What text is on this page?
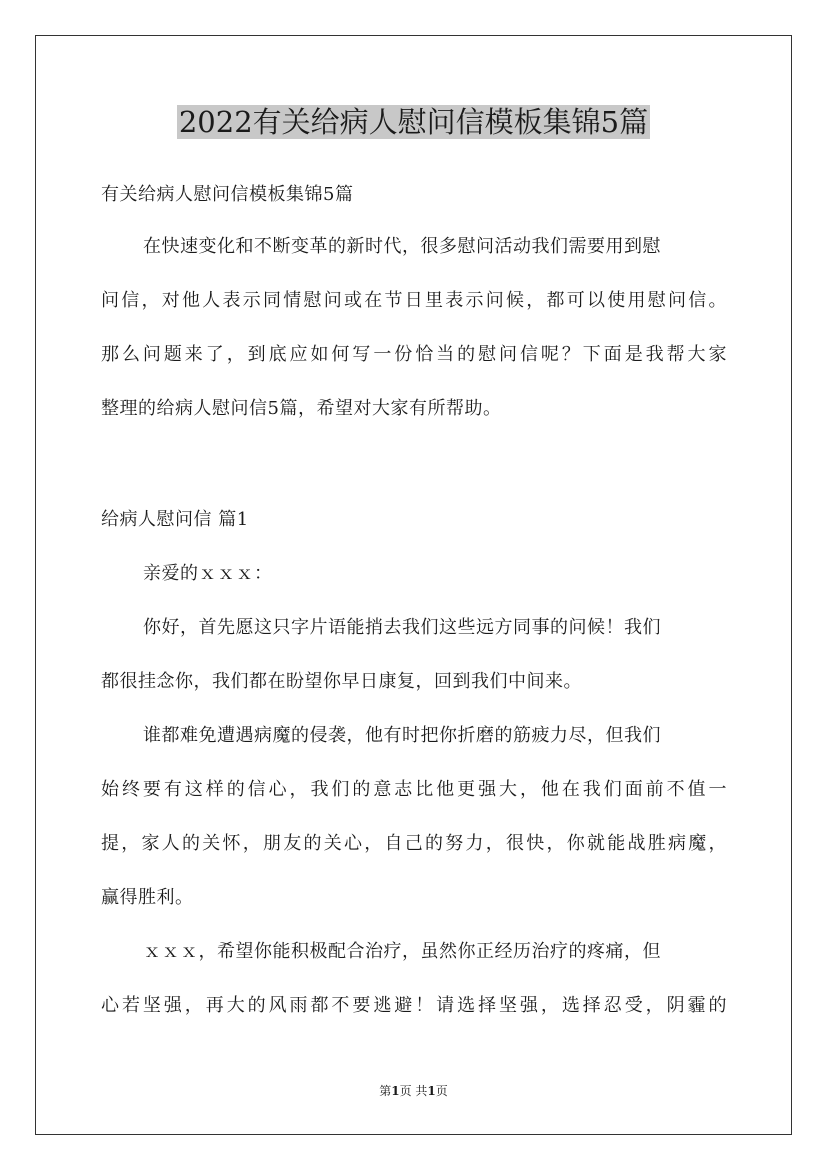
2022有关给病人慰问信模板集锦5篇

有关给病人慰问信模板集锦5篇

在快速变化和不断变革的新时代，很多慰问活动我们需要用到慰

问信，对他人表示同情慰问或在节日里表示问候，都可以使用慰问信。

那么问题来了，到底应如何写一份恰当的慰问信呢？下面是我帮大家

整理的给病人慰问信5篇，希望对大家有所帮助。

给病人慰问信 篇1

亲爱的ｘｘｘ：

你好，首先愿这只字片语能捎去我们这些远方同事的问候！我们

都很挂念你，我们都在盼望你早日康复，回到我们中间来。

谁都难免遭遇病魔的侵袭，他有时把你折磨的筋疲力尽，但我们

始终要有这样的信心，我们的意志比他更强大，他在我们面前不值一

提，家人的关怀，朋友的关心，自己的努力，很快，你就能战胜病魔，

赢得胜利。

ｘｘｘ，希望你能积极配合治疗，虽然你正经历治疗的疼痛，但

心若坚强，再大的风雨都不要逃避！请选择坚强，选择忍受，阴霾的

第1页 共1页
